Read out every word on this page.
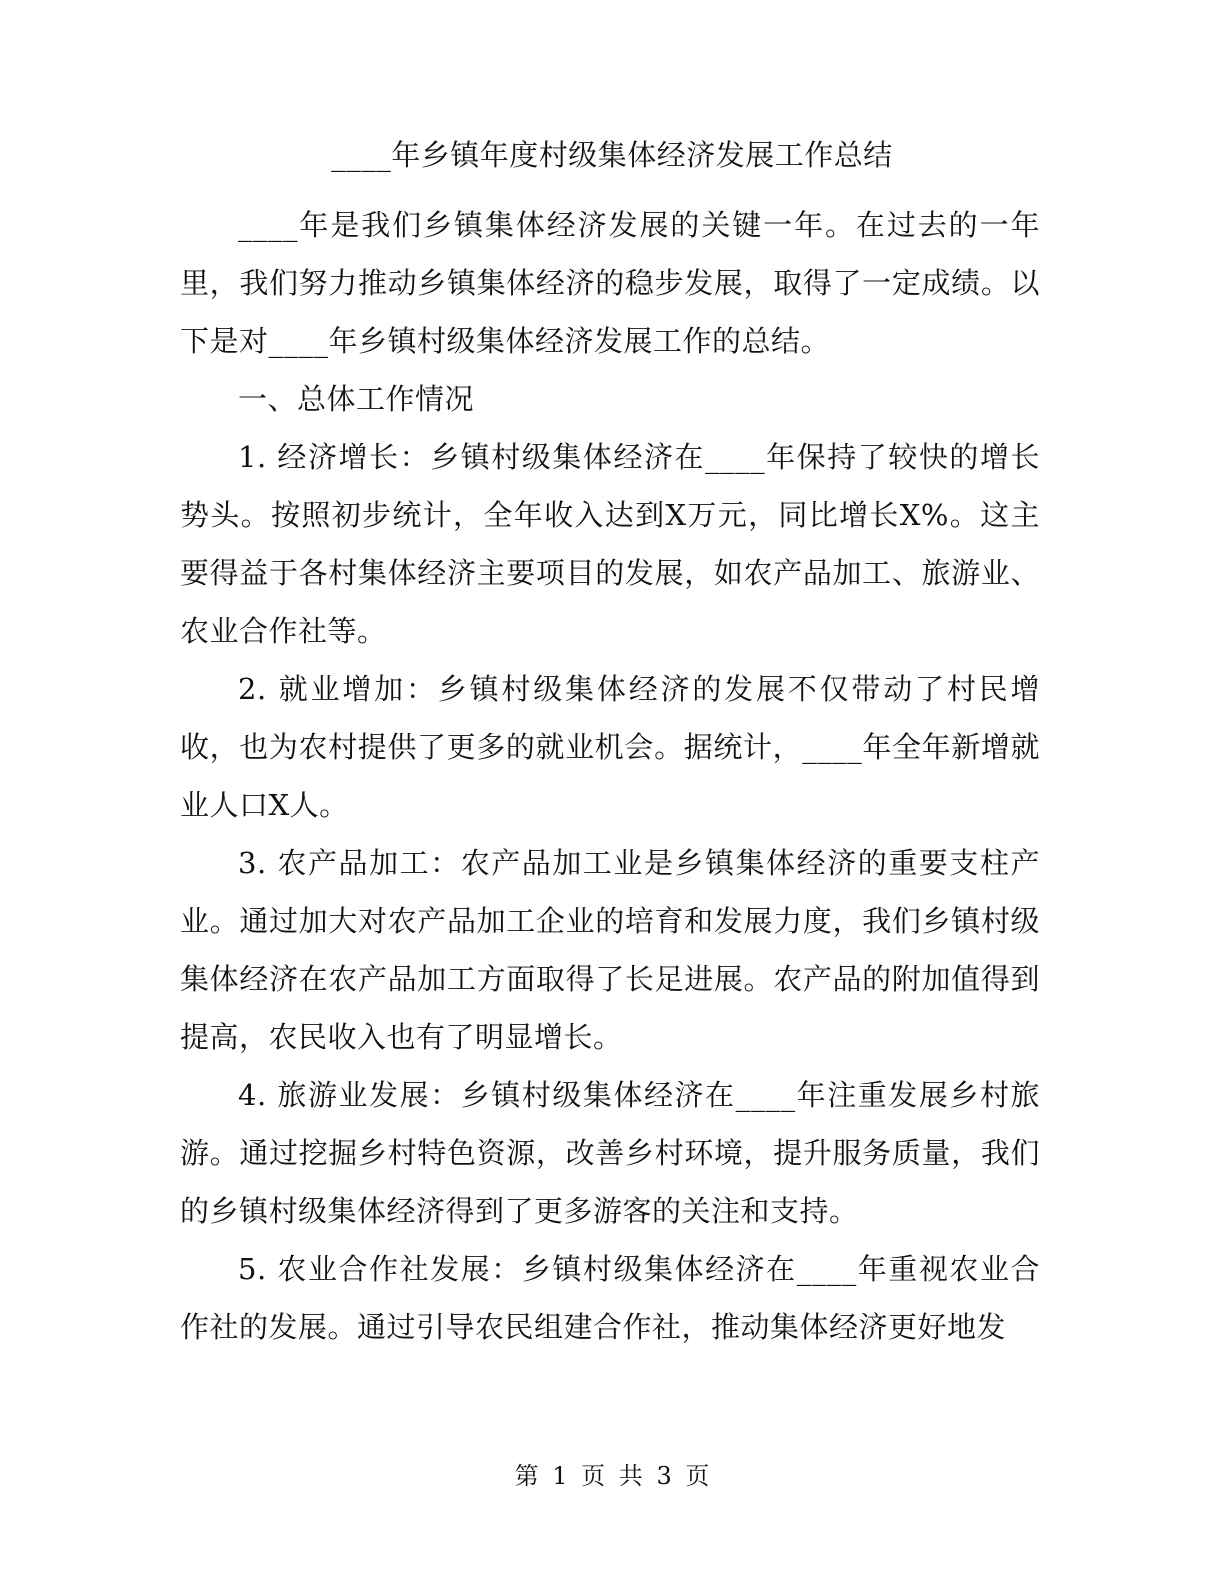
____年乡镇年度村级集体经济发展工作总结

____年是我们乡镇集体经济发展的关键一年。在过去的一年里，我们努力推动乡镇集体经济的稳步发展，取得了一定成绩。以下是对____年乡镇村级集体经济发展工作的总结。

一、总体工作情况

1. 经济增长：乡镇村级集体经济在____年保持了较快的增长势头。按照初步统计，全年收入达到X万元，同比增长X%。这主要得益于各村集体经济主要项目的发展，如农产品加工、旅游业、农业合作社等。

2. 就业增加：乡镇村级集体经济的发展不仅带动了村民增收，也为农村提供了更多的就业机会。据统计，____年全年新增就业人口X人。

3. 农产品加工：农产品加工业是乡镇集体经济的重要支柱产业。通过加大对农产品加工企业的培育和发展力度，我们乡镇村级集体经济在农产品加工方面取得了长足进展。农产品的附加值得到提高，农民收入也有了明显增长。

4. 旅游业发展：乡镇村级集体经济在____年注重发展乡村旅游。通过挖掘乡村特色资源，改善乡村环境，提升服务质量，我们的乡镇村级集体经济得到了更多游客的关注和支持。

5. 农业合作社发展：乡镇村级集体经济在____年重视农业合作社的发展。通过引导农民组建合作社，推动集体经济更好地发

第 1 页 共 3 页
